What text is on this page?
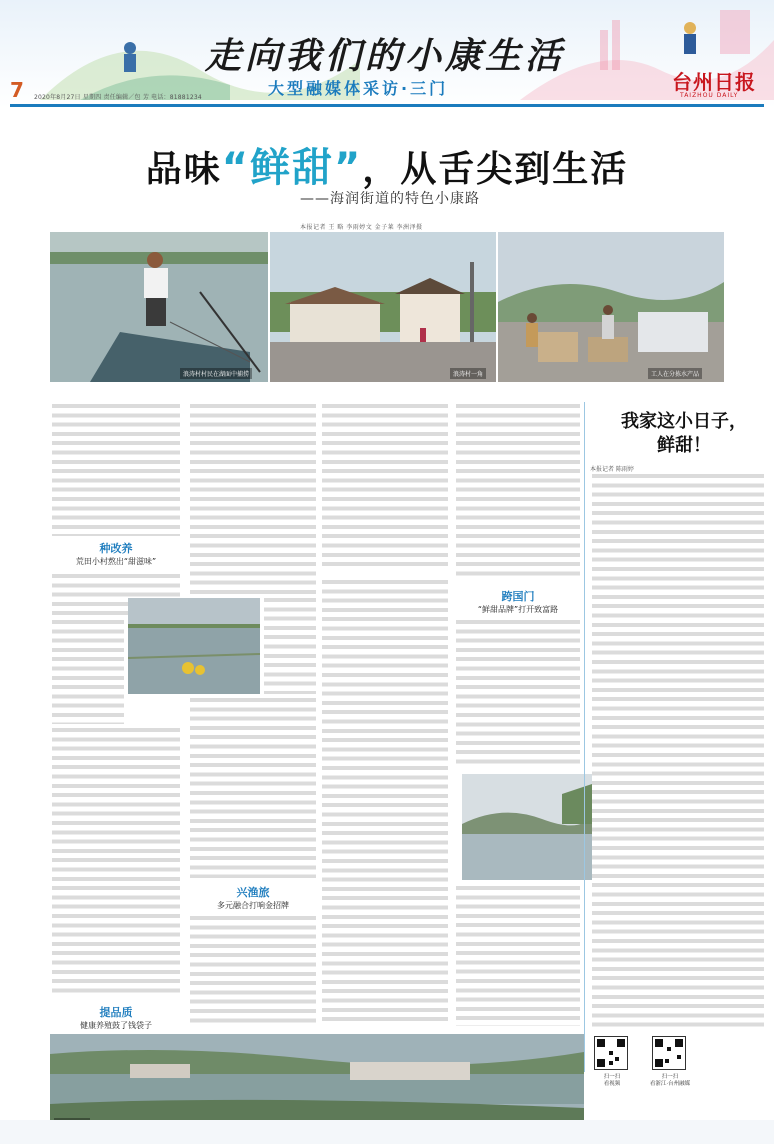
7 2020年8月27日 星期四 责任编辑／包 芳 电话：81881234
走向我们的小康生活
大型融媒体采访·三门	台州日报
TAIZHOU DAILY
品味“鲜甜”，从舌尖到生活
——海润街道的特色小康路
本报记者 王 略 李雨婷文 金子莱 李洲泽摄
浪涛村村民在湖面中捕捞	浪涛村一角	工人在分拣水产品
种改养
荒田小村熬出“甜滋味”
提品质
健康养殖鼓了钱袋子
兴渔旅
多元融合打响金招牌
跨国门
“鲜甜品牌”打开致富路
我家这小日子，
鲜甜！
本报记者 陈雨婷
扫一扫
看视频
扫一扫
看浙江·台州融媒
